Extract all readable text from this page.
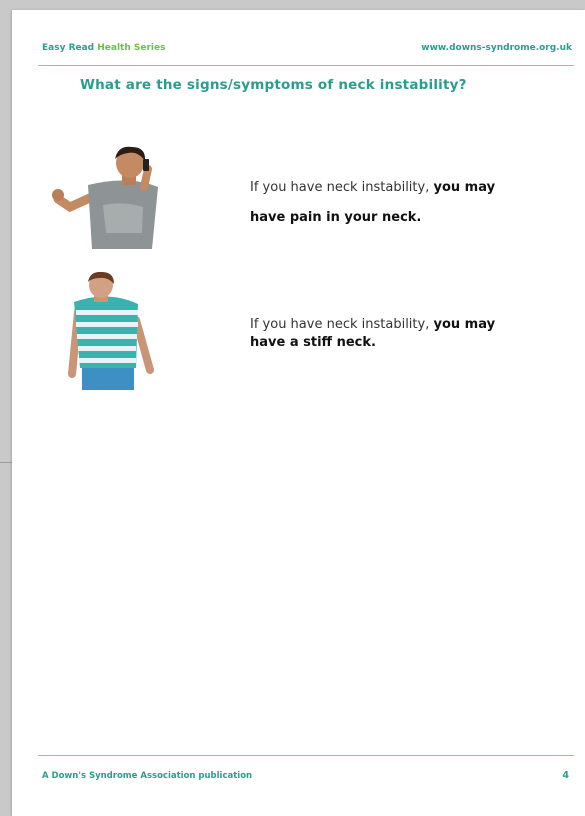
Easy Read Health Series	www.downs-syndrome.org.uk
What are the signs/symptoms of neck instability?
If you have neck instability, you may
have pain in your neck.
If you have neck instability, you may
have a stiff neck.
A Down's Syndrome Association publication	4
